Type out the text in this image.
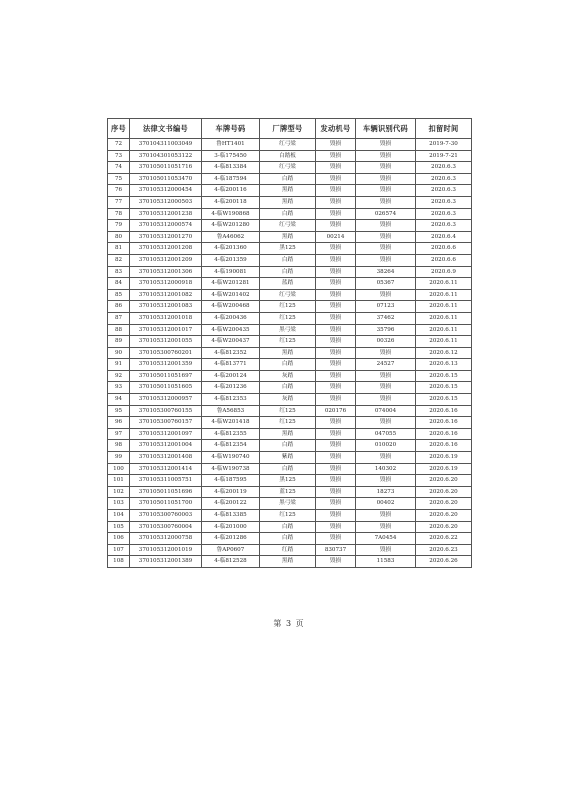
序号	法律文书编号	车牌号码	厂牌型号	发动机号	车辆识别代码	扣留时间
72	370104311003049	鲁HT1401	红弓梁	毁损	毁损	2019-7-30
73	370104301053122	3-临175450	白踏板	毁损	毁损	2019-7-21
74	370105011051716	4-临813384	红弓梁	毁损	毁损	2020.6.3
75	370105011053470	4-临187594	白踏	毁损	毁损	2020.6.3
76	370105312000454	4-临200116	黑踏	毁损	毁损	2020.6.3
77	370105312000503	4-临200118	黑踏	毁损	毁损	2020.6.3
78	370105312001238	4-临W190868	白踏	毁损	026574	2020.6.3
79	370105312000574	4-临W201280	红弓梁	毁损	毁损	2020.6.3
80	370105312001270	鲁A46062	黑踏	00214	毁损	2020.6.4
81	370105312001208	4-临201360	黑125	毁损	毁损	2020.6.6
82	370105312001209	4-临201359	白踏	毁损	毁损	2020.6.6
83	370105312001306	4-临190081	白踏	毁损	38264	2020.6.9
84	370105312000918	4-临W201281	蓝踏	毁损	05367	2020.6.11
85	370105312001082	4-临W201402	红弓梁	毁损	毁损	2020.6.11
86	370105312001083	4-临W200468	红125	毁损	07123	2020.6.11
87	370105312001018	4-临200436	红125	毁损	37462	2020.6.11
88	370105312001017	4-临W200435	黑弓梁	毁损	35796	2020.6.11
89	370105312001055	4-临W200437	红125	毁损	00326	2020.6.11
90	370105300760201	4-临812352	黑踏	毁损	毁损	2020.6.12
91	370105312001359	4-临813771	白踏	毁损	24527	2020.6.13
92	370105011051697	4-临200124	灰踏	毁损	毁损	2020.6.15
93	370105011051605	4-临201236	白踏	毁损	毁损	2020.6.15
94	370105312000957	4-临812353	灰踏	毁损	毁损	2020.6.15
95	370105300760155	鲁A56853	红125	020176	074004	2020.6.16
96	370105300760157	4-临W201418	红125	毁损	毁损	2020.6.16
97	370105312001097	4-临812355	黑踏	毁损	047055	2020.6.16
98	370105312001004	4-临812354	白踏	毁损	010020	2020.6.16
99	370105312001408	4-临W190740	紫踏	毁损	毁损	2020.6.19
100	370105312001414	4-临W190738	白踏	毁损	140302	2020.6.19
101	370105311005751	4-临187595	黑125	毁损	毁损	2020.6.20
102	370105011051696	4-临200119	蓝125	毁损	18273	2020.6.20
103	370105011051700	4-临200122	黑弓梁	毁损	00402	2020.6.20
104	370105300760003	4-临813385	红125	毁损	毁损	2020.6.20
105	370105300760004	4-临201000	白踏	毁损	毁损	2020.6.20
106	370105312000758	4-临201286	白踏	毁损	7A0454	2020.6.22
107	370105312001019	鲁AP0607	红踏	830737	毁损	2020.6.23
108	370105312001389	4-临812528	黑踏	毁损	11583	2020.6.26
第 3 页
